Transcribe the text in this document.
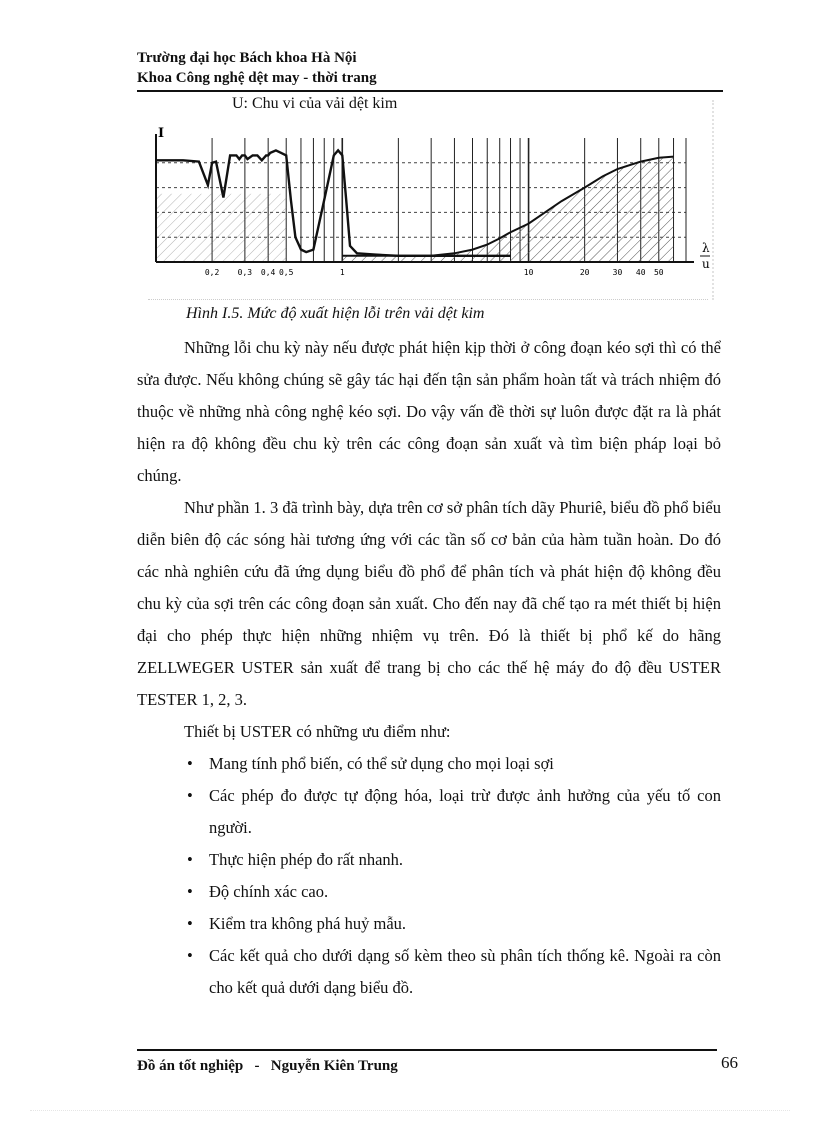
Trường đại học Bách khoa Hà Nội
Khoa Công nghệ dệt may - thời trang
U: Chu vi của vải dệt kim
I
λ
u
0,2 0,3 0,4 0,5	1	10	20	30 40 50
Hình I.5. Mức độ xuất hiện lỗi trên vải dệt kim

Những lỗi chu kỳ này nếu được phát hiện kịp thời ở công đoạn kéo sợi thì có thể sửa được. Nếu không chúng sẽ gây tác hại đến tận sản phẩm hoàn tất và trách nhiệm đó thuộc về những nhà công nghệ kéo sợi. Do vậy vấn đề thời sự luôn được đặt ra là phát hiện ra độ không đều chu kỳ trên các công đoạn sản xuất và tìm biện pháp loại bỏ chúng.

Như phần 1. 3 đã trình bày, dựa trên cơ sở phân tích dãy Phuriê, biểu đồ phổ biểu diễn biên độ các sóng hài tương ứng với các tần số cơ bản của hàm tuần hoàn. Do đó các nhà nghiên cứu đã ứng dụng biểu đồ phổ để phân tích và phát hiện độ không đều chu kỳ của sợi trên các công đoạn sản xuất. Cho đến nay đã chế tạo ra mét thiết bị hiện đại cho phép thực hiện những nhiệm vụ trên. Đó là thiết bị phổ kế do hãng ZELLWEGER USTER sản xuất để trang bị cho các thế hệ máy đo độ đều USTER TESTER 1, 2, 3.

Thiết bị USTER có những ưu điểm như:

• Mang tính phổ biến, có thể sử dụng cho mọi loại sợi
• Các phép đo được tự động hóa, loại trừ được ảnh hưởng của yếu tố con người.
• Thực hiện phép đo rất nhanh.
• Độ chính xác cao.
• Kiểm tra không phá huỷ mẫu.
• Các kết quả cho dưới dạng số kèm theo sù phân tích thống kê. Ngoài ra còn cho kết quả dưới dạng biểu đồ.
Đồ án tốt nghiệp - Nguyễn Kiên Trung	66
